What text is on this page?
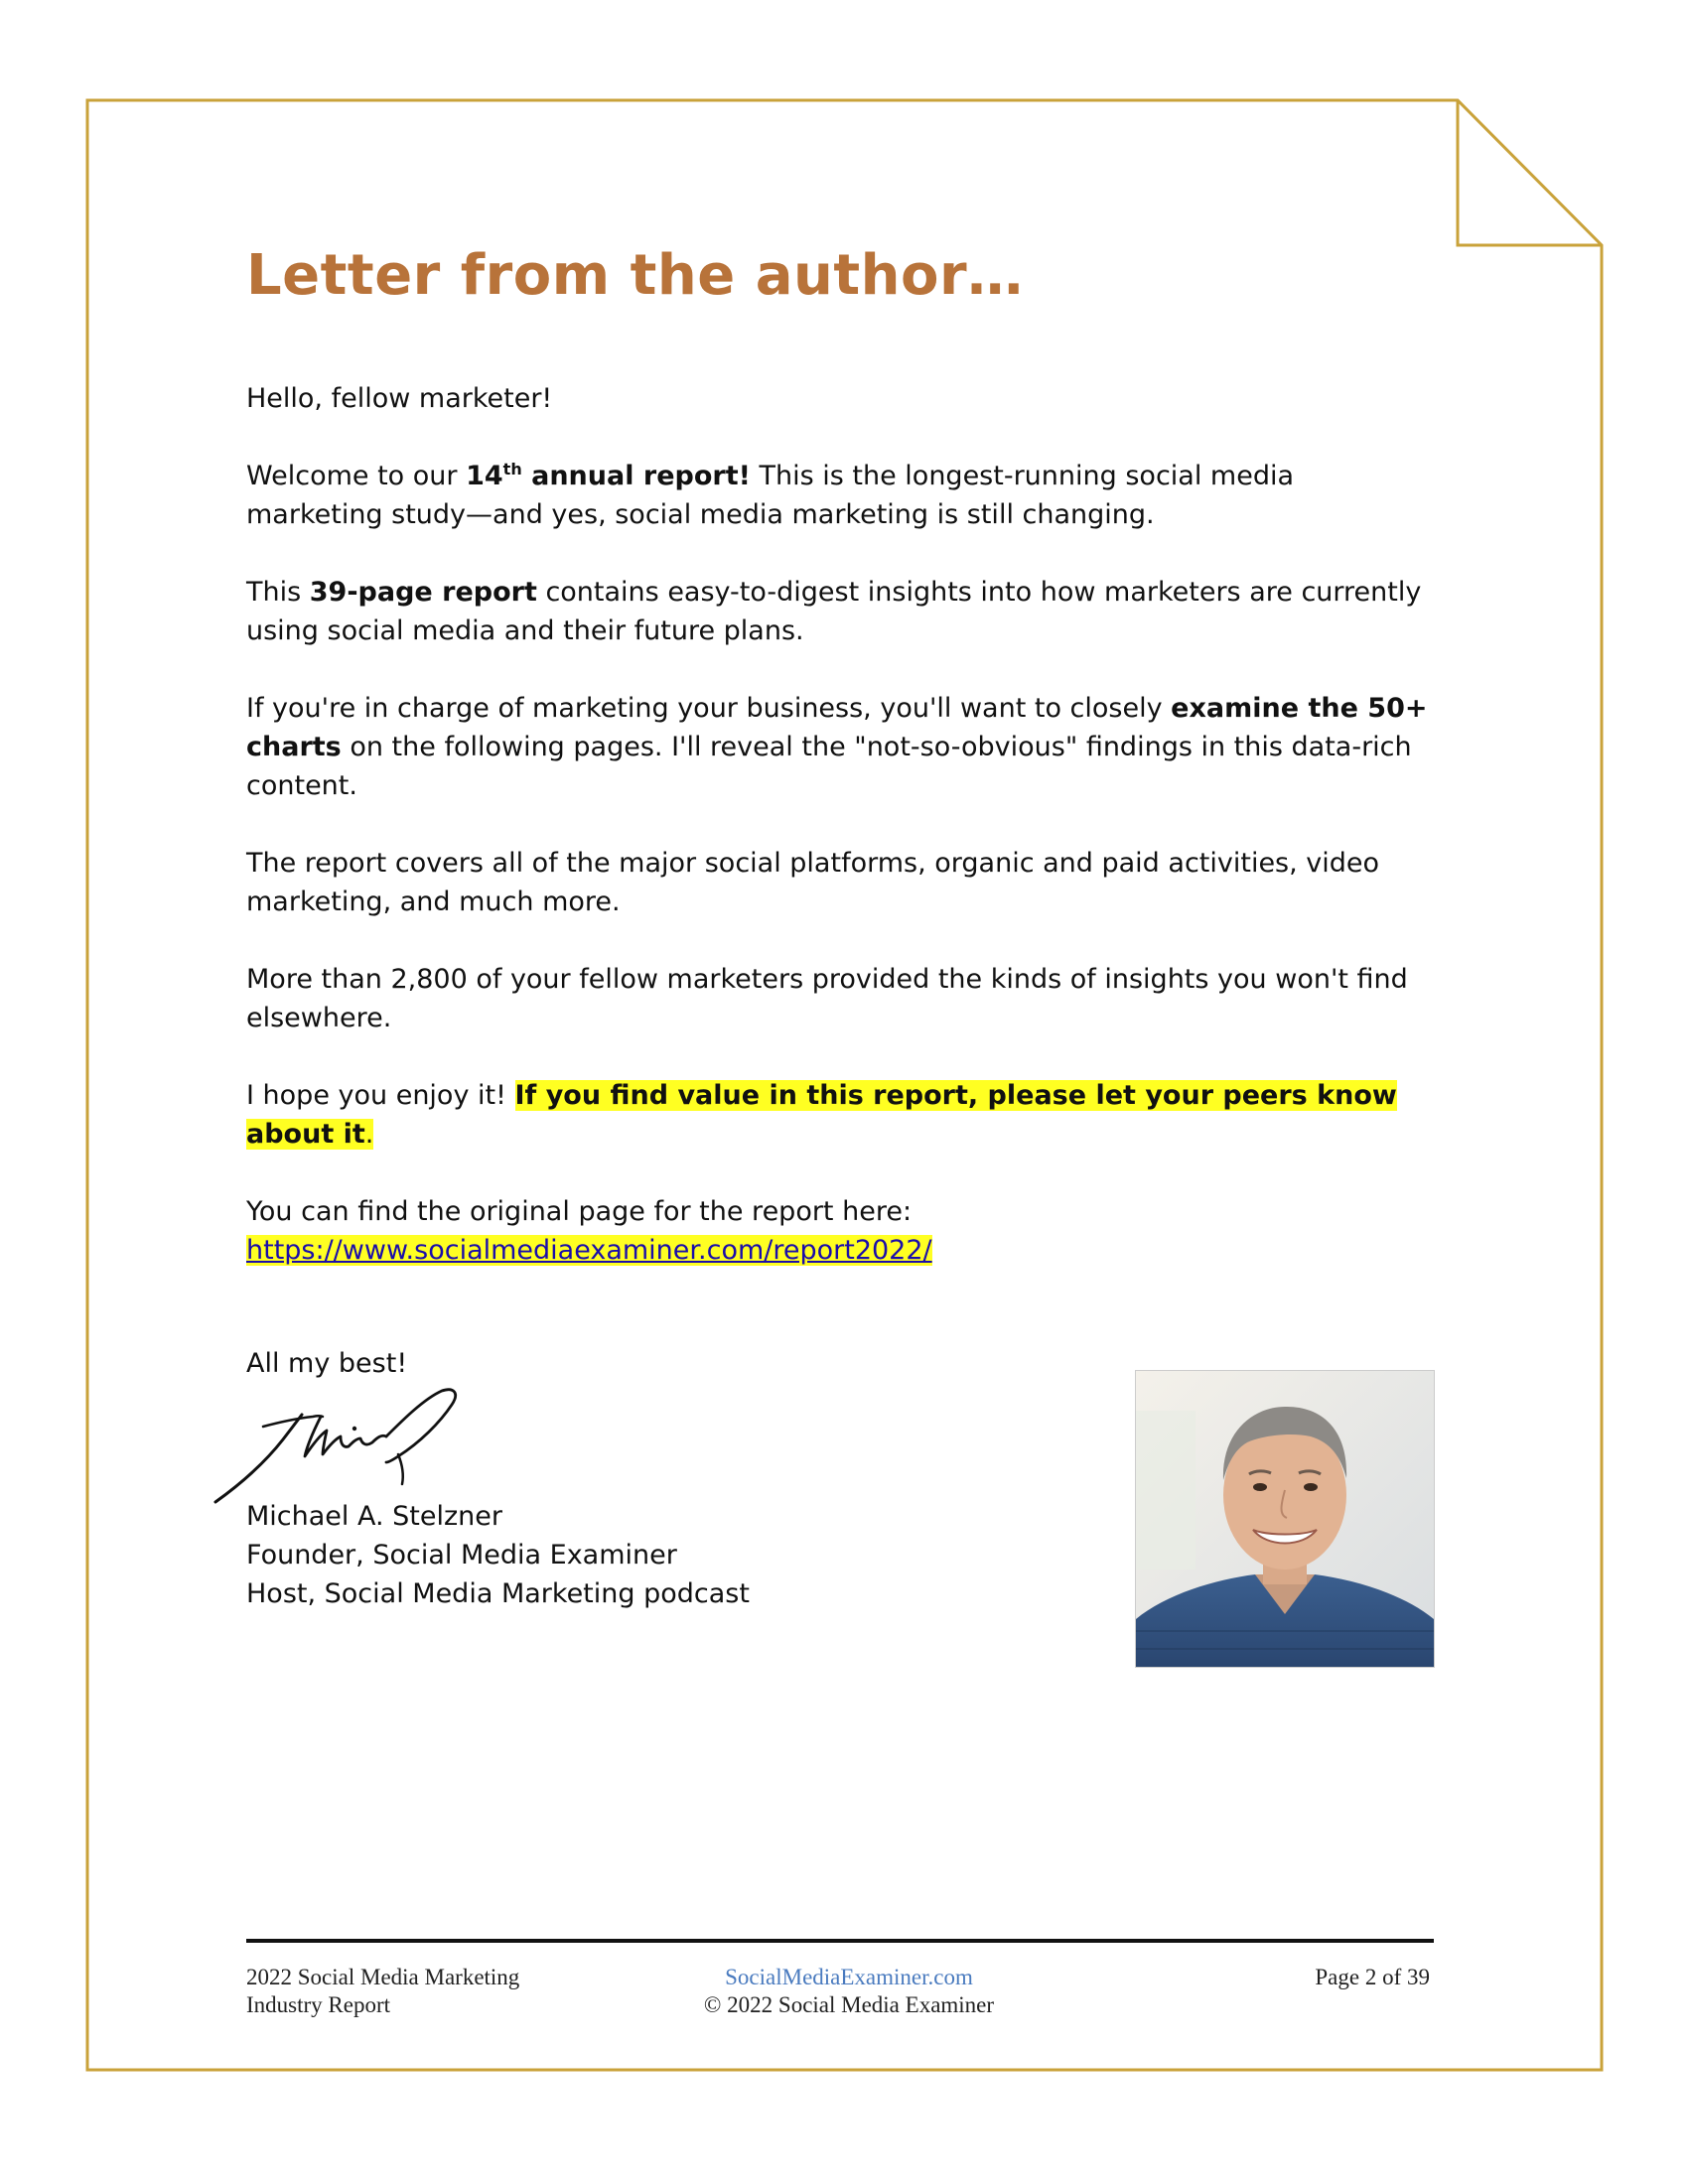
Letter from the author…

Hello, fellow marketer!

Welcome to our 14th annual report! This is the longest-running social media marketing study—and yes, social media marketing is still changing.

This 39-page report contains easy-to-digest insights into how marketers are currently using social media and their future plans.

If you're in charge of marketing your business, you'll want to closely examine the 50+ charts on the following pages. I'll reveal the "not-so-obvious" findings in this data-rich content.

The report covers all of the major social platforms, organic and paid activities, video marketing, and much more.

More than 2,800 of your fellow marketers provided the kinds of insights you won't find elsewhere.

I hope you enjoy it! If you find value in this report, please let your peers know about it.

You can find the original page for the report here:
https://www.socialmediaexaminer.com/report2022/

All my best!
Michael A. Stelzner
Founder, Social Media Examiner
Host, Social Media Marketing podcast
2022 Social Media Marketing
Industry Report
SocialMediaExaminer.com
© 2022 Social Media Examiner
Page 2 of 39
